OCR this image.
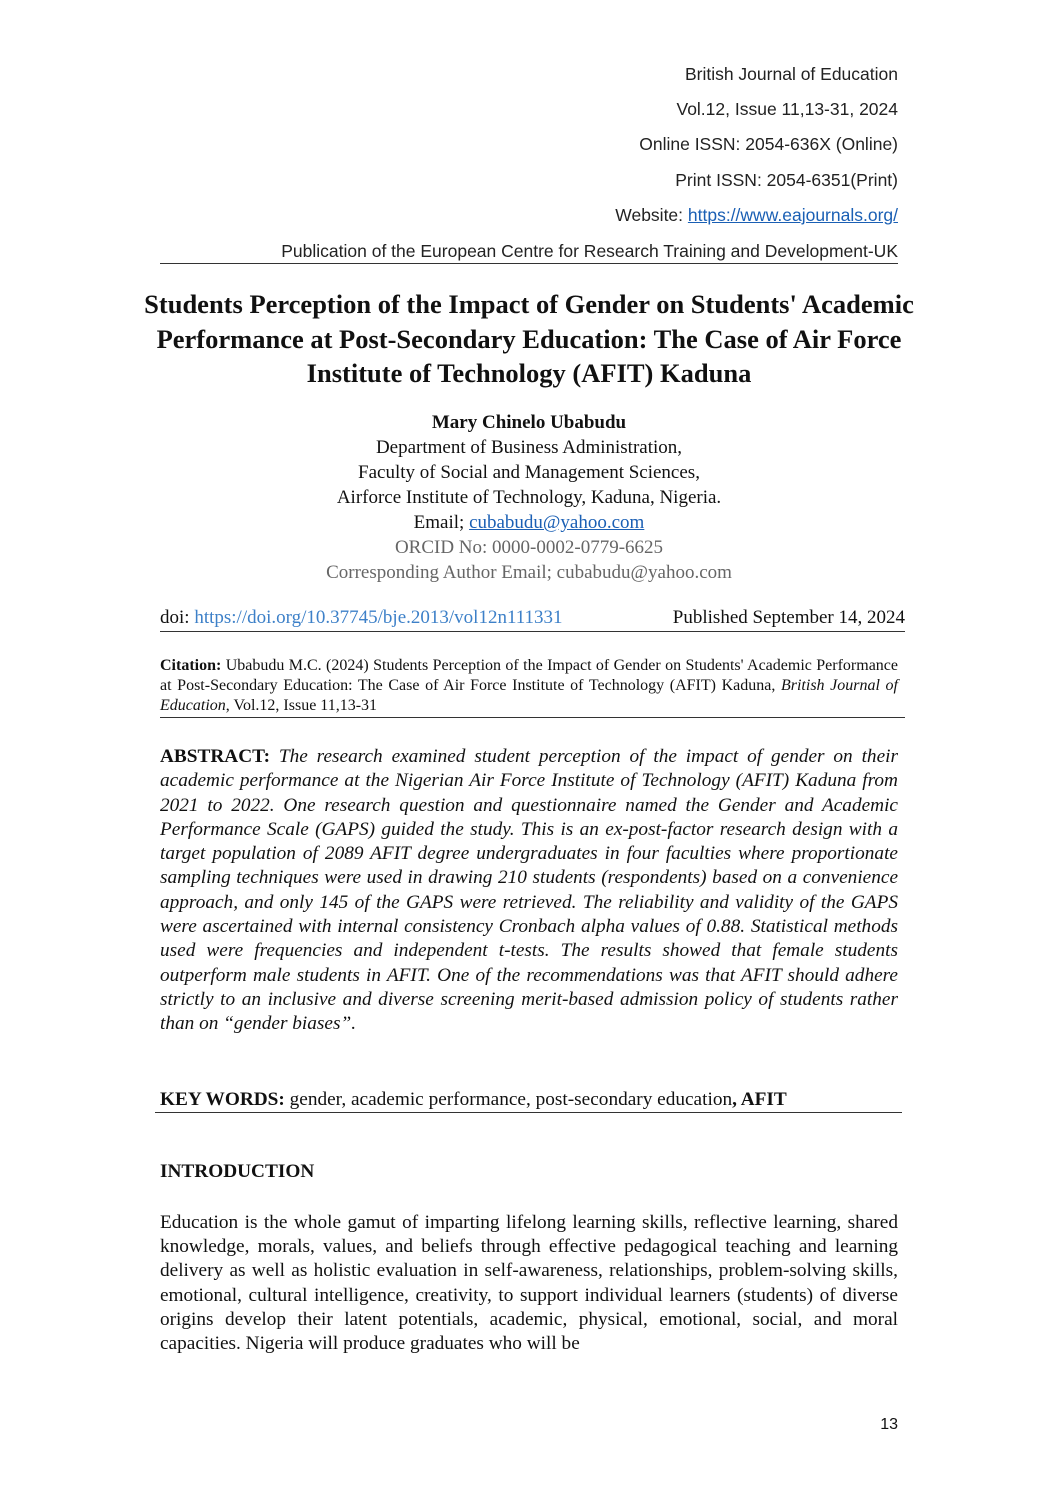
British Journal of Education
Vol.12, Issue 11,13-31, 2024
Online ISSN: 2054-636X (Online)
Print ISSN: 2054-6351(Print)
Website: https://www.eajournals.org/
Publication of the European Centre for Research Training and Development-UK
Students Perception of the Impact of Gender on Students' Academic Performance at Post-Secondary Education: The Case of Air Force Institute of Technology (AFIT) Kaduna
Mary Chinelo Ubabudu
Department of Business Administration,
Faculty of Social and Management Sciences,
Airforce Institute of Technology, Kaduna, Nigeria.
Email; cubabudu@yahoo.com
ORCID No: 0000-0002-0779-6625
Corresponding Author Email; cubabudu@yahoo.com
doi: https://doi.org/10.37745/bje.2013/vol12n111331	Published September 14, 2024
Citation: Ubabudu M.C. (2024) Students Perception of the Impact of Gender on Students' Academic Performance at Post-Secondary Education: The Case of Air Force Institute of Technology (AFIT) Kaduna, British Journal of Education, Vol.12, Issue 11,13-31
ABSTRACT: The research examined student perception of the impact of gender on their academic performance at the Nigerian Air Force Institute of Technology (AFIT) Kaduna from 2021 to 2022. One research question and questionnaire named the Gender and Academic Performance Scale (GAPS) guided the study. This is an ex-post-factor research design with a target population of 2089 AFIT degree undergraduates in four faculties where proportionate sampling techniques were used in drawing 210 students (respondents) based on a convenience approach, and only 145 of the GAPS were retrieved. The reliability and validity of the GAPS were ascertained with internal consistency Cronbach alpha values of 0.88. Statistical methods used were frequencies and independent t-tests. The results showed that female students outperform male students in AFIT. One of the recommendations was that AFIT should adhere strictly to an inclusive and diverse screening merit-based admission policy of students rather than on “gender biases”.
KEY WORDS: gender, academic performance, post-secondary education, AFIT
INTRODUCTION
Education is the whole gamut of imparting lifelong learning skills, reflective learning, shared knowledge, morals, values, and beliefs through effective pedagogical teaching and learning delivery as well as holistic evaluation in self-awareness, relationships, problem-solving skills, emotional, cultural intelligence, creativity, to support individual learners (students) of diverse origins develop their latent potentials, academic, physical, emotional, social, and moral capacities. Nigeria will produce graduates who will be
13
